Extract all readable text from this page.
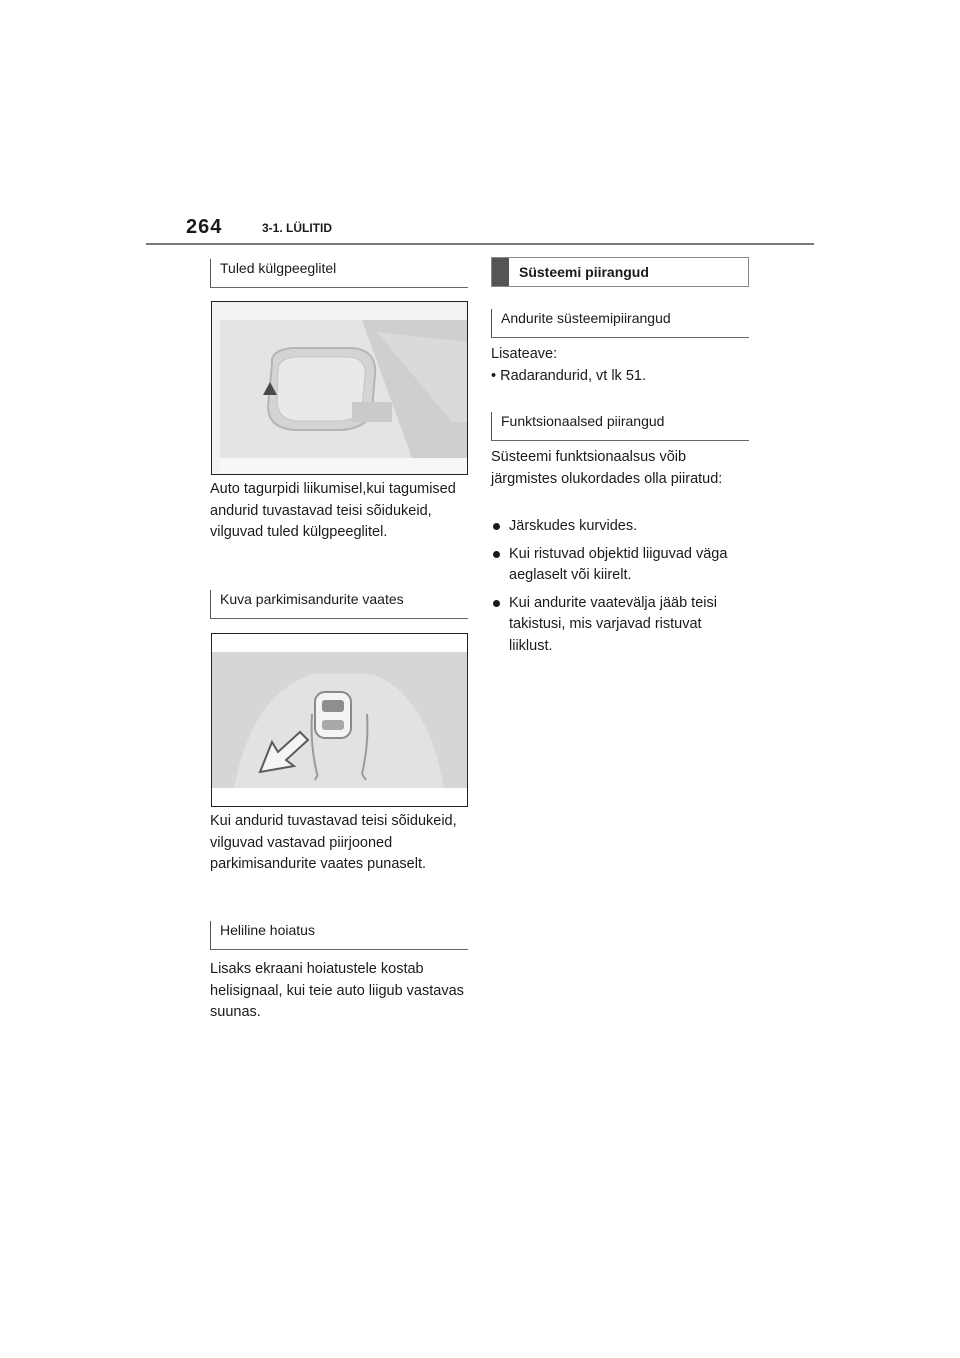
264	3-1. LÜLITID
Tuled külgpeeglitel
Auto tagurpidi liikumisel,kui tagumised andurid tuvastavad teisi sõidukeid, vilguvad tuled külgpeeglitel.
Kuva parkimisandurite vaates
Kui andurid tuvastavad teisi sõidukeid, vilguvad vastavad piirjooned parkimisandurite vaates punaselt.
Heliline hoiatus
Lisaks ekraani hoiatustele kostab helisignaal, kui teie auto liigub vastavas suunas.
Süsteemi piirangud
Andurite süsteemipiirangud
Lisateave:
• Radarandurid, vt lk 51.
Funktsionaalsed piirangud
Süsteemi funktsionaalsus võib järgmistes olukordades olla piiratud:
Järskudes kurvides.
Kui ristuvad objektid liiguvad väga aeglaselt või kiirelt.
Kui andurite vaatevälja jääb teisi takistusi, mis varjavad ristuvat liiklust.
